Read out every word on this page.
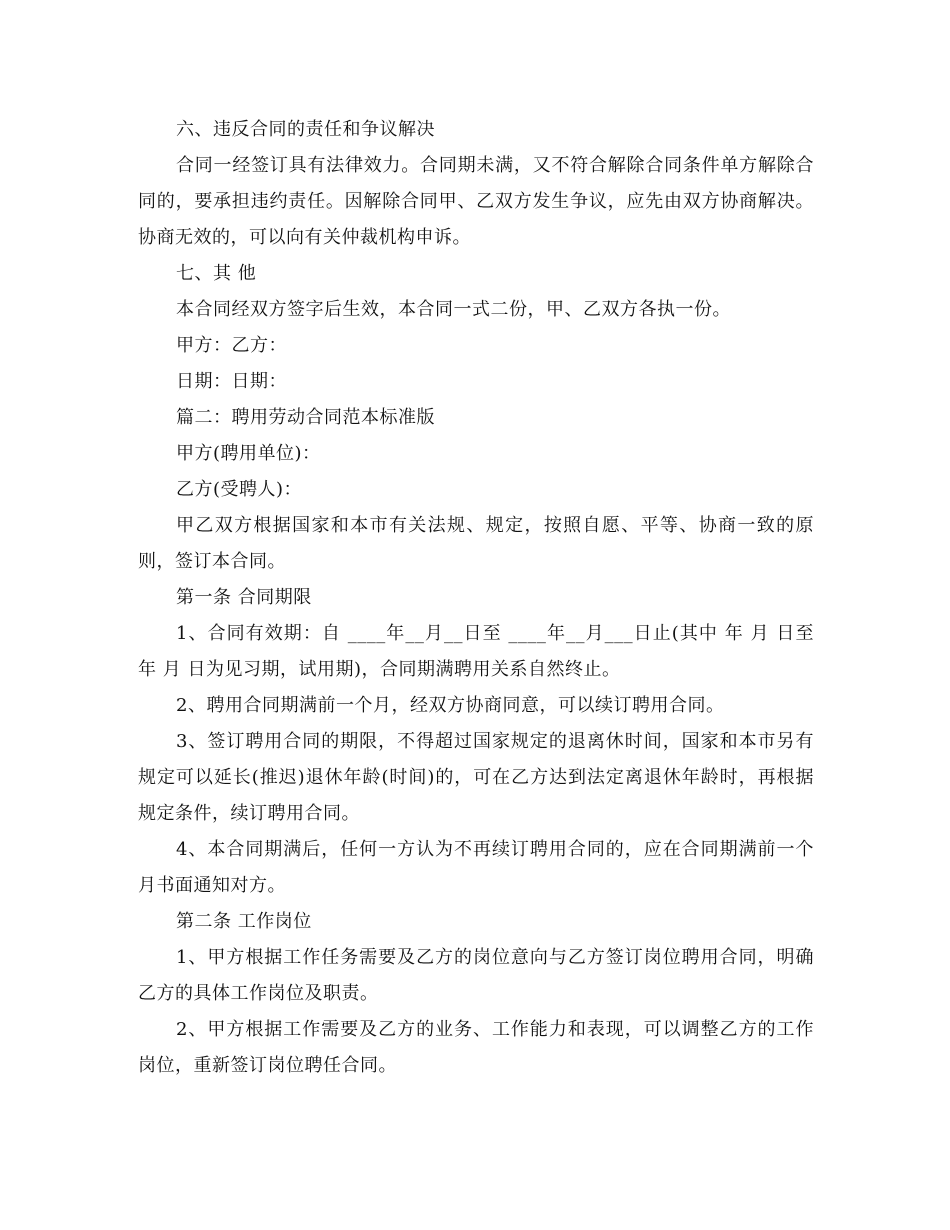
六、违反合同的责任和争议解决

合同一经签订具有法律效力。合同期未满，又不符合解除合同条件单方解除合同的，要承担违约责任。因解除合同甲、乙双方发生争议，应先由双方协商解决。协商无效的，可以向有关仲裁机构申诉。

七、其 他

本合同经双方签字后生效，本合同一式二份，甲、乙双方各执一份。

甲方：乙方：

日期：日期：

篇二：聘用劳动合同范本标准版

甲方(聘用单位)：

乙方(受聘人)：

甲乙双方根据国家和本市有关法规、规定，按照自愿、平等、协商一致的原则，签订本合同。

第一条 合同期限

1、合同有效期：自 ____年__月__日至 ____年__月___日止(其中 年 月 日至 年 月 日为见习期，试用期)，合同期满聘用关系自然终止。

2、聘用合同期满前一个月，经双方协商同意，可以续订聘用合同。

3、签订聘用合同的期限，不得超过国家规定的退离休时间，国家和本市另有规定可以延长(推迟)退休年龄(时间)的，可在乙方达到法定离退休年龄时，再根据规定条件，续订聘用合同。

4、本合同期满后，任何一方认为不再续订聘用合同的，应在合同期满前一个月书面通知对方。

第二条 工作岗位

1、甲方根据工作任务需要及乙方的岗位意向与乙方签订岗位聘用合同，明确乙方的具体工作岗位及职责。

2、甲方根据工作需要及乙方的业务、工作能力和表现，可以调整乙方的工作岗位，重新签订岗位聘任合同。
